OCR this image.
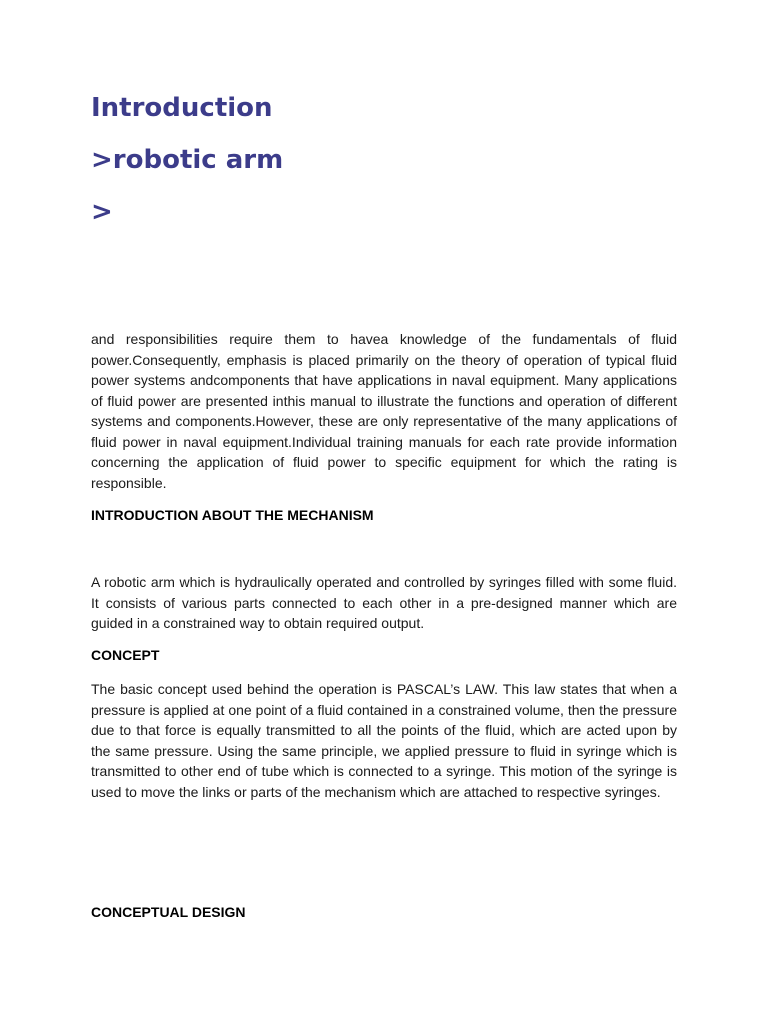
Introduction
>robotic arm
>

and responsibilities require them to havea knowledge of the fundamentals of fluid power.Consequently, emphasis is placed primarily on the theory of operation of typical fluid power systems andcomponents that have applications in naval equipment. Many applications of fluid power are presented inthis manual to illustrate the functions and operation of different systems and components.However, these are only representative of the many applications of fluid power in naval equipment.Individual training manuals for each rate provide information concerning the application of fluid power to specific equipment for which the rating is responsible.

INTRODUCTION ABOUT THE MECHANISM

A robotic arm which is hydraulically operated and controlled by syringes filled with some fluid. It consists of various parts connected to each other in a pre-designed manner which are guided in a constrained way to obtain required output.

CONCEPT

The basic concept used behind the operation is PASCAL’s LAW. This law states that when a pressure is applied at one point of a fluid contained in a constrained volume, then the pressure due to that force is equally transmitted to all the points of the fluid, which are acted upon by the same pressure. Using the same principle, we applied pressure to fluid in syringe which is transmitted to other end of tube which is connected to a syringe. This motion of the syringe is used to move the links or parts of the mechanism which are attached to respective syringes.

CONCEPTUAL DESIGN
